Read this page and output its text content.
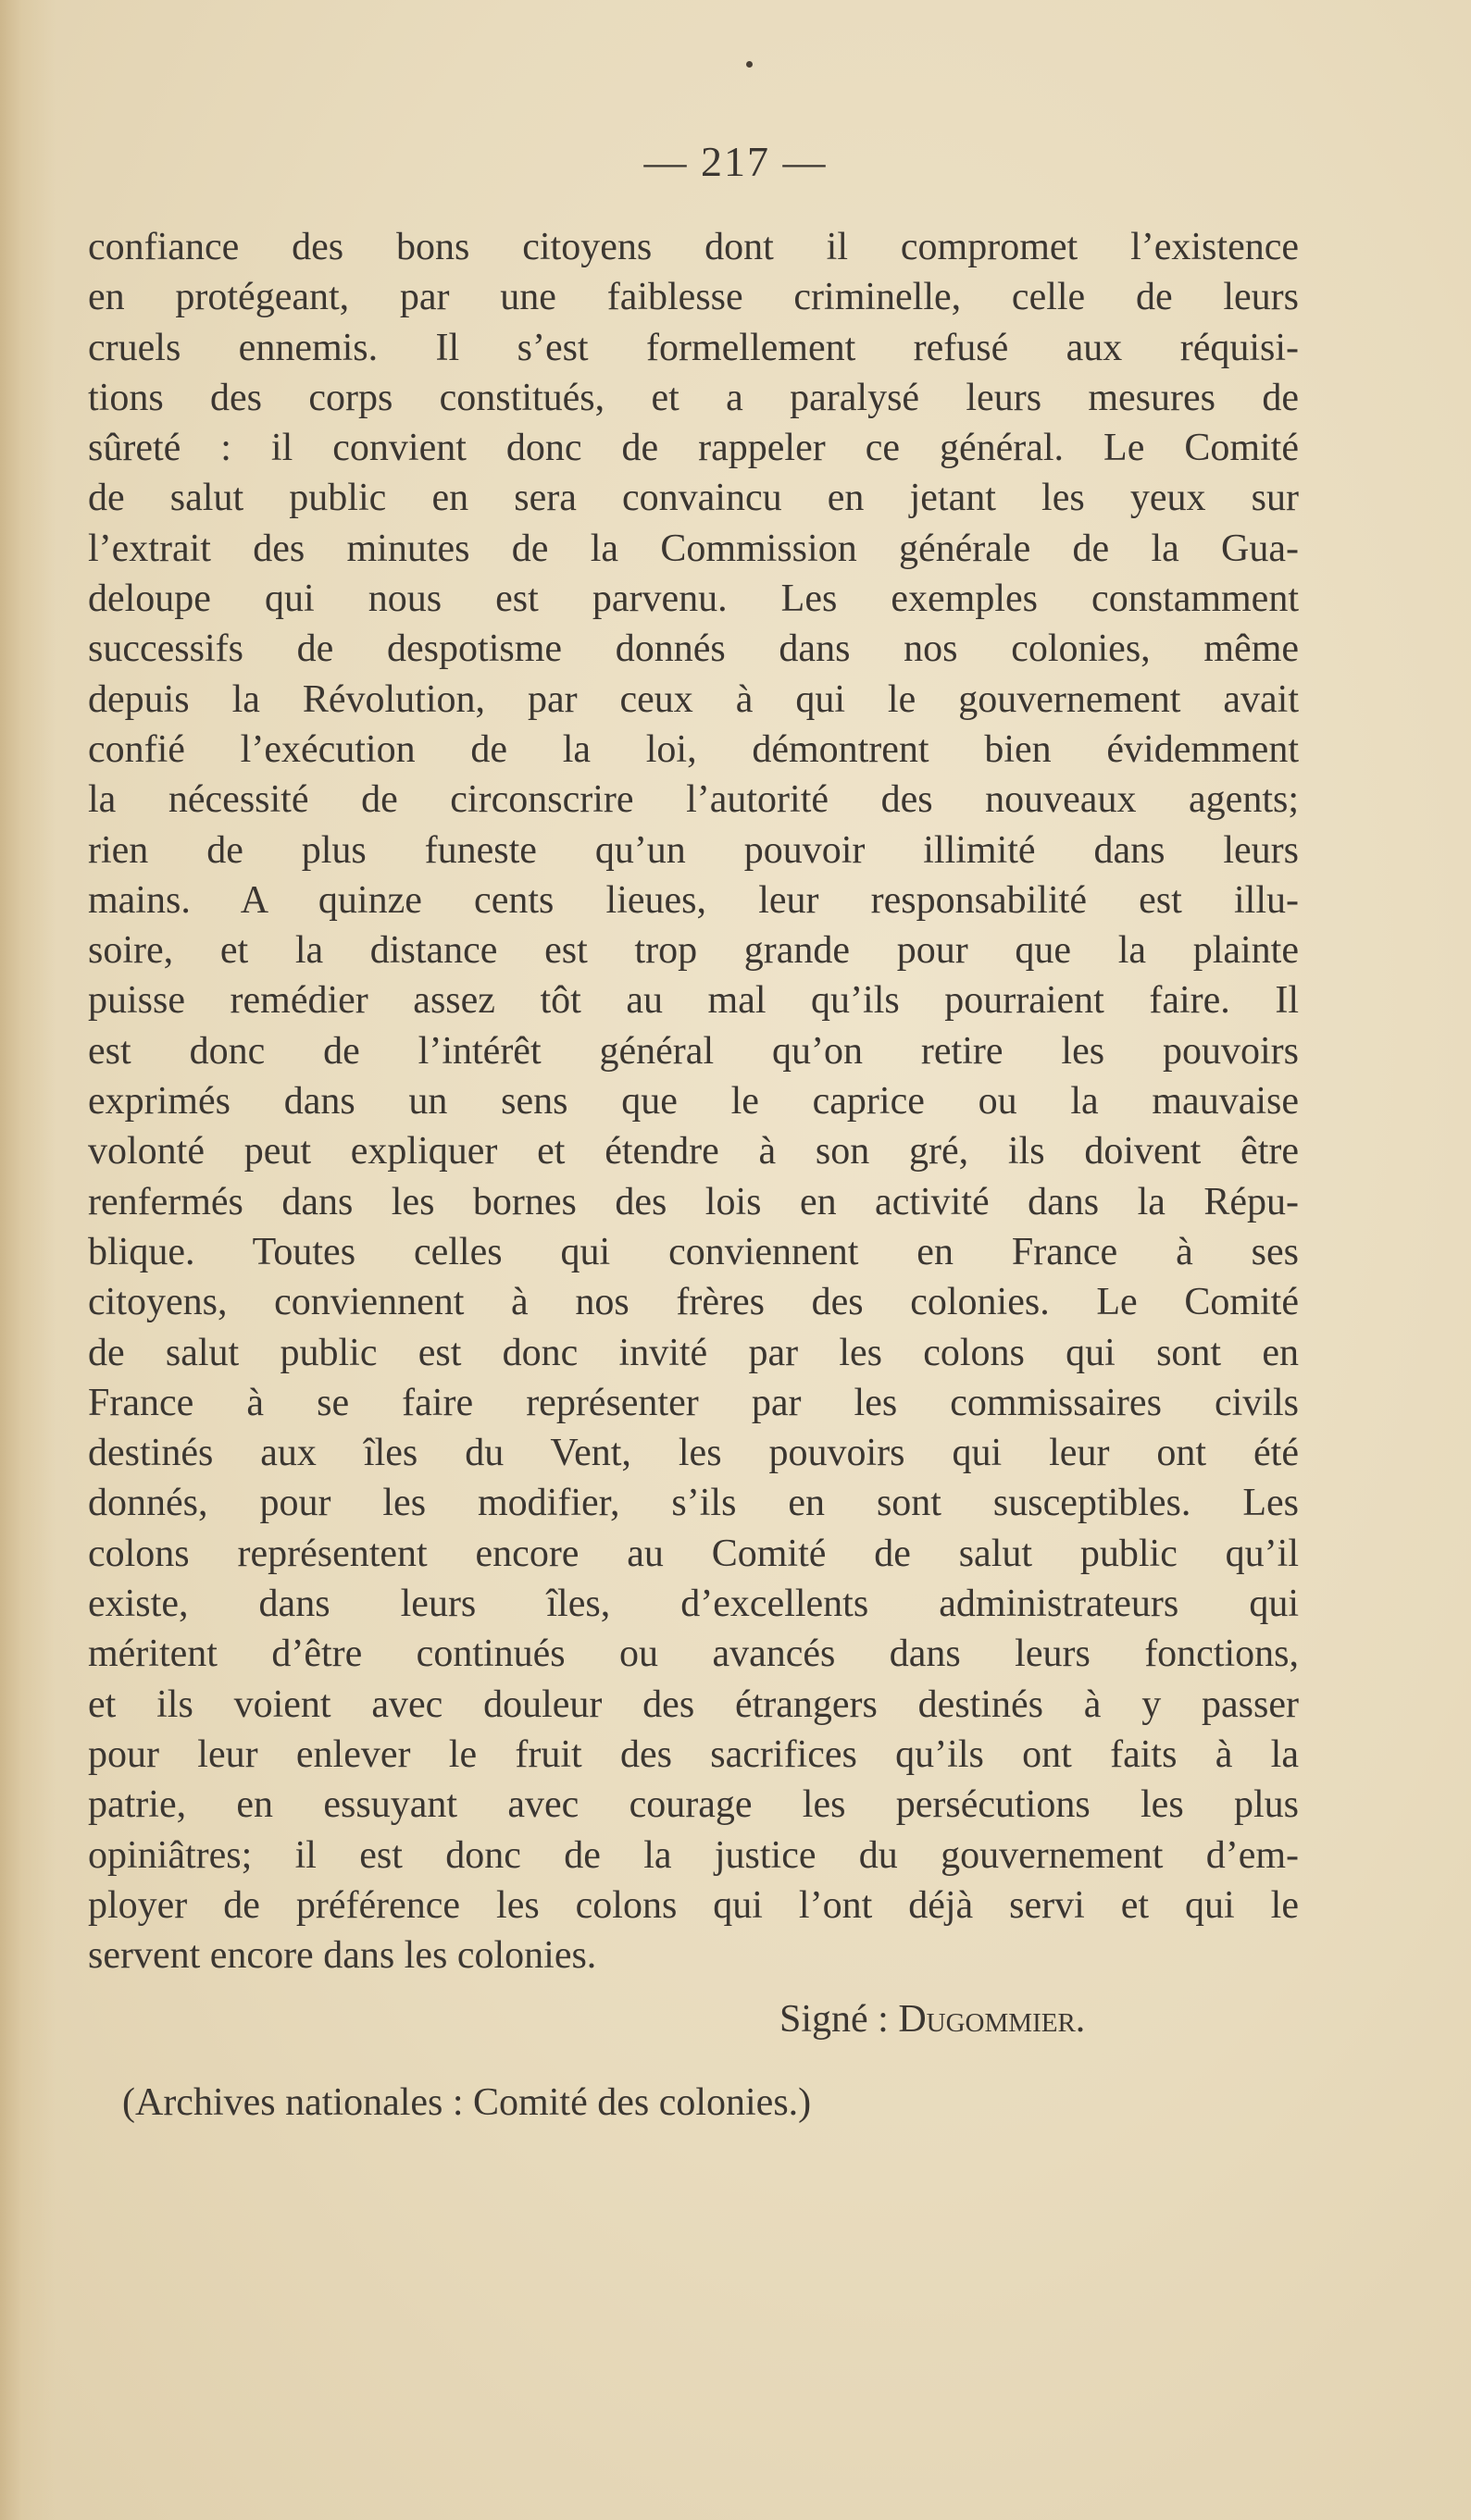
— 217 —
confiance des bons citoyens dont il compromet l’existence
en protégeant, par une faiblesse criminelle, celle de leurs
cruels ennemis. Il s’est formellement refusé aux réquisi-
tions des corps constitués, et a paralysé leurs mesures de
sûreté : il convient donc de rappeler ce général. Le Comité
de salut public en sera convaincu en jetant les yeux sur
l’extrait des minutes de la Commission générale de la Gua-
deloupe qui nous est parvenu. Les exemples constamment
successifs de despotisme donnés dans nos colonies, même
depuis la Révolution, par ceux à qui le gouvernement avait
confié l’exécution de la loi, démontrent bien évidemment
la nécessité de circonscrire l’autorité des nouveaux agents;
rien de plus funeste qu’un pouvoir illimité dans leurs
mains. A quinze cents lieues, leur responsabilité est illu-
soire, et la distance est trop grande pour que la plainte
puisse remédier assez tôt au mal qu’ils pourraient faire. Il
est donc de l’intérêt général qu’on retire les pouvoirs
exprimés dans un sens que le caprice ou la mauvaise
volonté peut expliquer et étendre à son gré, ils doivent être
renfermés dans les bornes des lois en activité dans la Répu-
blique. Toutes celles qui conviennent en France à ses
citoyens, conviennent à nos frères des colonies. Le Comité
de salut public est donc invité par les colons qui sont en
France à se faire représenter par les commissaires civils
destinés aux îles du Vent, les pouvoirs qui leur ont été
donnés, pour les modifier, s’ils en sont susceptibles. Les
colons représentent encore au Comité de salut public qu’il
existe, dans leurs îles, d’excellents administrateurs qui
méritent d’être continués ou avancés dans leurs fonctions,
et ils voient avec douleur des étrangers destinés à y passer
pour leur enlever le fruit des sacrifices qu’ils ont faits à la
patrie, en essuyant avec courage les persécutions les plus
opiniâtres; il est donc de la justice du gouvernement d’em-
ployer de préférence les colons qui l’ont déjà servi et qui le
servent encore dans les colonies.
Signé : Dugommier.
(Archives nationales : Comité des colonies.)
